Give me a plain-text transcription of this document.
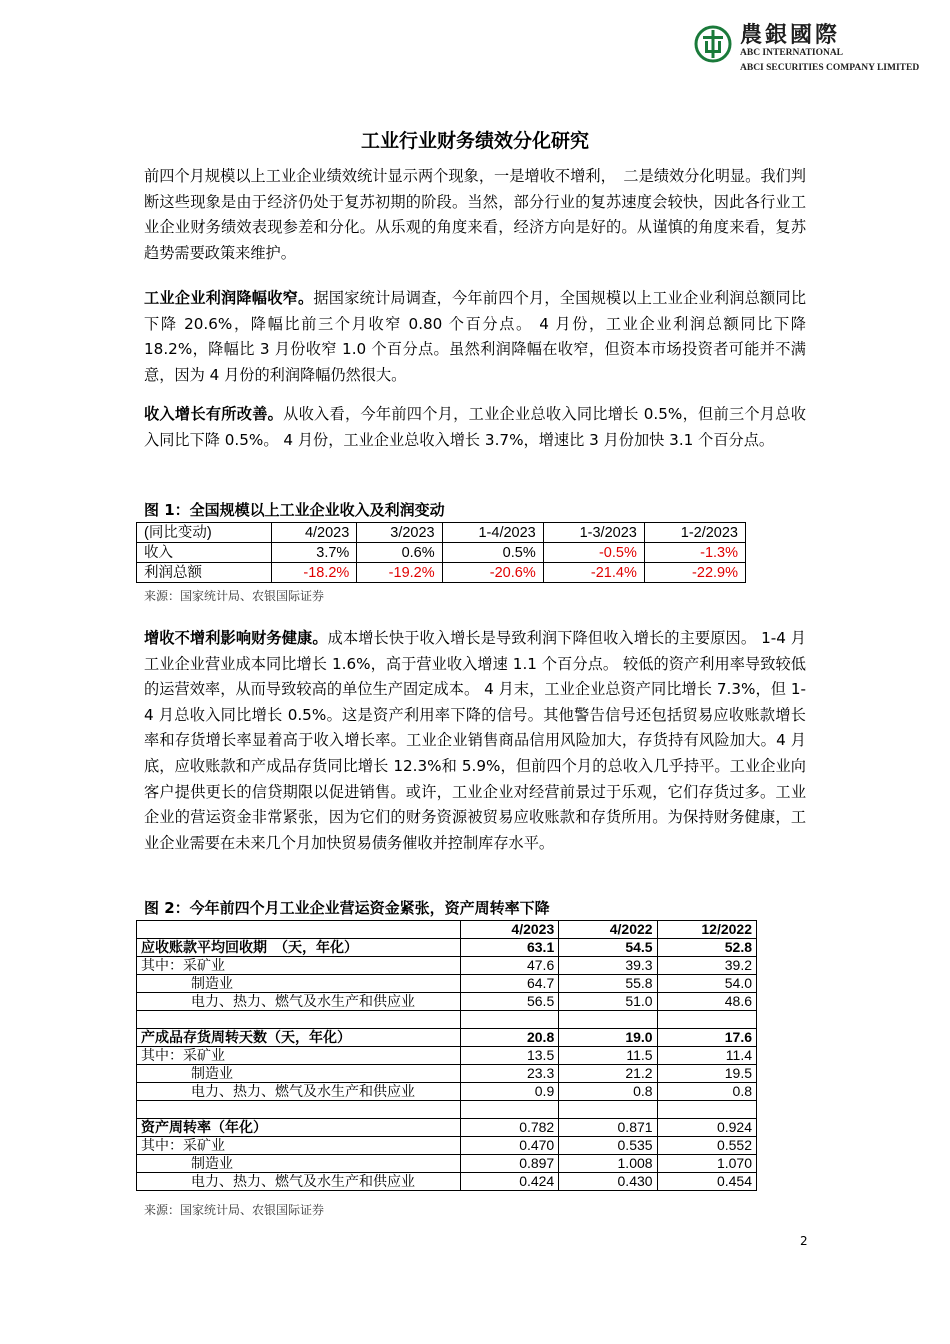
農銀國際
ABC INTERNATIONAL
ABCI SECURITIES COMPANY LIMITED
工业行业财务绩效分化研究

前四个月规模以上工业企业绩效统计显示两个现象，一是增收不增利，　二是绩效分化明显。我们判断这些现象是由于经济仍处于复苏初期的阶段。当然，部分行业的复苏速度会较快，因此各行业工业企业财务绩效表现参差和分化。从乐观的角度来看，经济方向是好的。从谨慎的角度来看，复苏趋势需要政策来维护。

工业企业利润降幅收窄。据国家统计局调查，今年前四个月，全国规模以上工业企业利润总额同比下降 20.6%，降幅比前三个月收窄 0.80 个百分点。 4 月份，工业企业利润总额同比下降 18.2%，降幅比 3 月份收窄 1.0 个百分点。虽然利润降幅在收窄，但资本市场投资者可能并不满意，因为 4 月份的利润降幅仍然很大。

收入增长有所改善。从收入看，今年前四个月，工业企业总收入同比增长 0.5%，但前三个月总收入同比下降 0.5%。 4 月份，工业企业总收入增长 3.7%，增速比 3 月份加快 3.1 个百分点。

图 1：全国规模以上工业企业收入及利润变动
(同比变动)	4/2023	3/2023	1-4/2023	1-3/2023	1-2/2023
收入	3.7%	0.6%	0.5%	-0.5%	-1.3%
利润总额	-18.2%	-19.2%	-20.6%	-21.4%	-22.9%
来源：国家统计局、农银国际证券

增收不增利影响财务健康。成本增长快于收入增长是导致利润下降但收入增长的主要原因。 1-4 月工业企业营业成本同比增长 1.6%，高于营业收入增速 1.1 个百分点。 较低的资产利用率导致较低的运营效率，从而导致较高的单位生产固定成本。 4 月末，工业企业总资产同比增长 7.3%，但 1-4 月总收入同比增长 0.5%。这是资产利用率下降的信号。其他警告信号还包括贸易应收账款增长率和存货增长率显着高于收入增长率。工业企业销售商品信用风险加大，存货持有风险加大。4 月底，应收账款和产成品存货同比增长 12.3%和 5.9%，但前四个月的总收入几乎持平。工业企业向客户提供更长的信贷期限以促进销售。或许，工业企业对经营前景过于乐观，它们存货过多。工业企业的营运资金非常紧张，因为它们的财务资源被贸易应收账款和存货所用。为保持财务健康，工业企业需要在未来几个月加快贸易债务催收并控制库存水平。

图 2：今年前四个月工业企业营运资金紧张，资产周转率下降
	4/2023	4/2022	12/2022
应收账款平均回收期　（天，年化）	63.1	54.5	52.8
其中：采矿业	47.6	39.3	39.2
制造业	64.7	55.8	54.0
电力、热力、燃气及水生产和供应业	56.5	51.0	48.6

产成品存货周转天数（天，年化）	20.8	19.0	17.6
其中：采矿业	13.5	11.5	11.4
制造业	23.3	21.2	19.5
电力、热力、燃气及水生产和供应业	0.9	0.8	0.8

资产周转率（年化）	0.782	0.871	0.924
其中：采矿业	0.470	0.535	0.552
制造业	0.897	1.008	1.070
电力、热力、燃气及水生产和供应业	0.424	0.430	0.454
来源：国家统计局、农银国际证券
2
